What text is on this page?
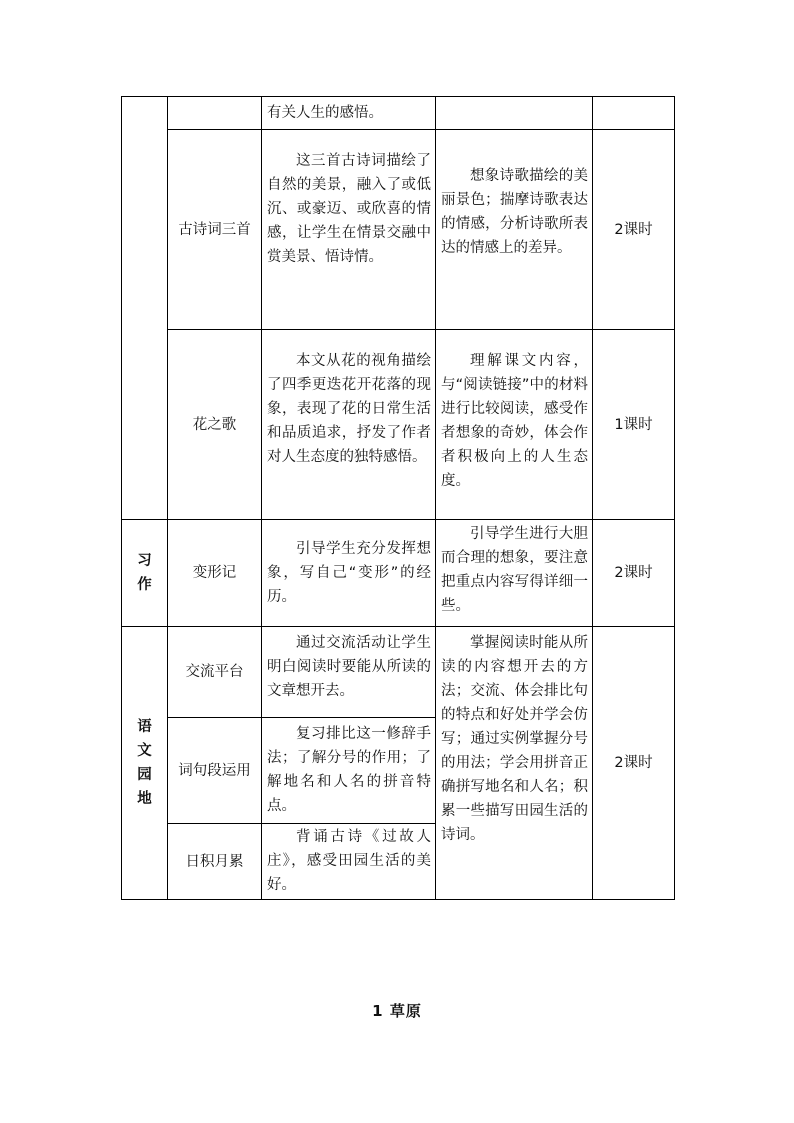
		有关人生的感悟。		

	古诗词三首	这三首古诗词描绘了自然的美景，融入了或低沉、或豪迈、或欣喜的情感，让学生在情景交融中赏美景、悟诗情。	想象诗歌描绘的美丽景色；揣摩诗歌表达的情感，分析诗歌所表达的情感上的差异。	2课时
	花之歌	本文从花的视角描绘了四季更迭花开花落的现象，表现了花的日常生活和品质追求，抒发了作者对人生态度的独特感悟。	理解课文内容，与“阅读链接”中的材料进行比较阅读，感受作者想象的奇妙，体会作者积极向上的人生态度。	1课时

习
作	变形记	引导学生充分发挥想象，写自己“变形”的经历。	引导学生进行大胆而合理的想象，要注意把重点内容写得详细一些。	2课时

语
文
园
地	交流平台	通过交流活动让学生明白阅读时要能从所读的文章想开去。	掌握阅读时能从所读的内容想开去的方法；交流、体会排比句的特点和好处并学会仿写；通过实例掌握分号的用法；学会用拼音正确拼写地名和人名；积累一些描写田园生活的诗词。	2课时
	词句段运用	复习排比这一修辞手法；了解分号的作用；了解地名和人名的拼音特点。		

	日积月累	背诵古诗《过故人庄》，感受田园生活的美好。		
1 草原
